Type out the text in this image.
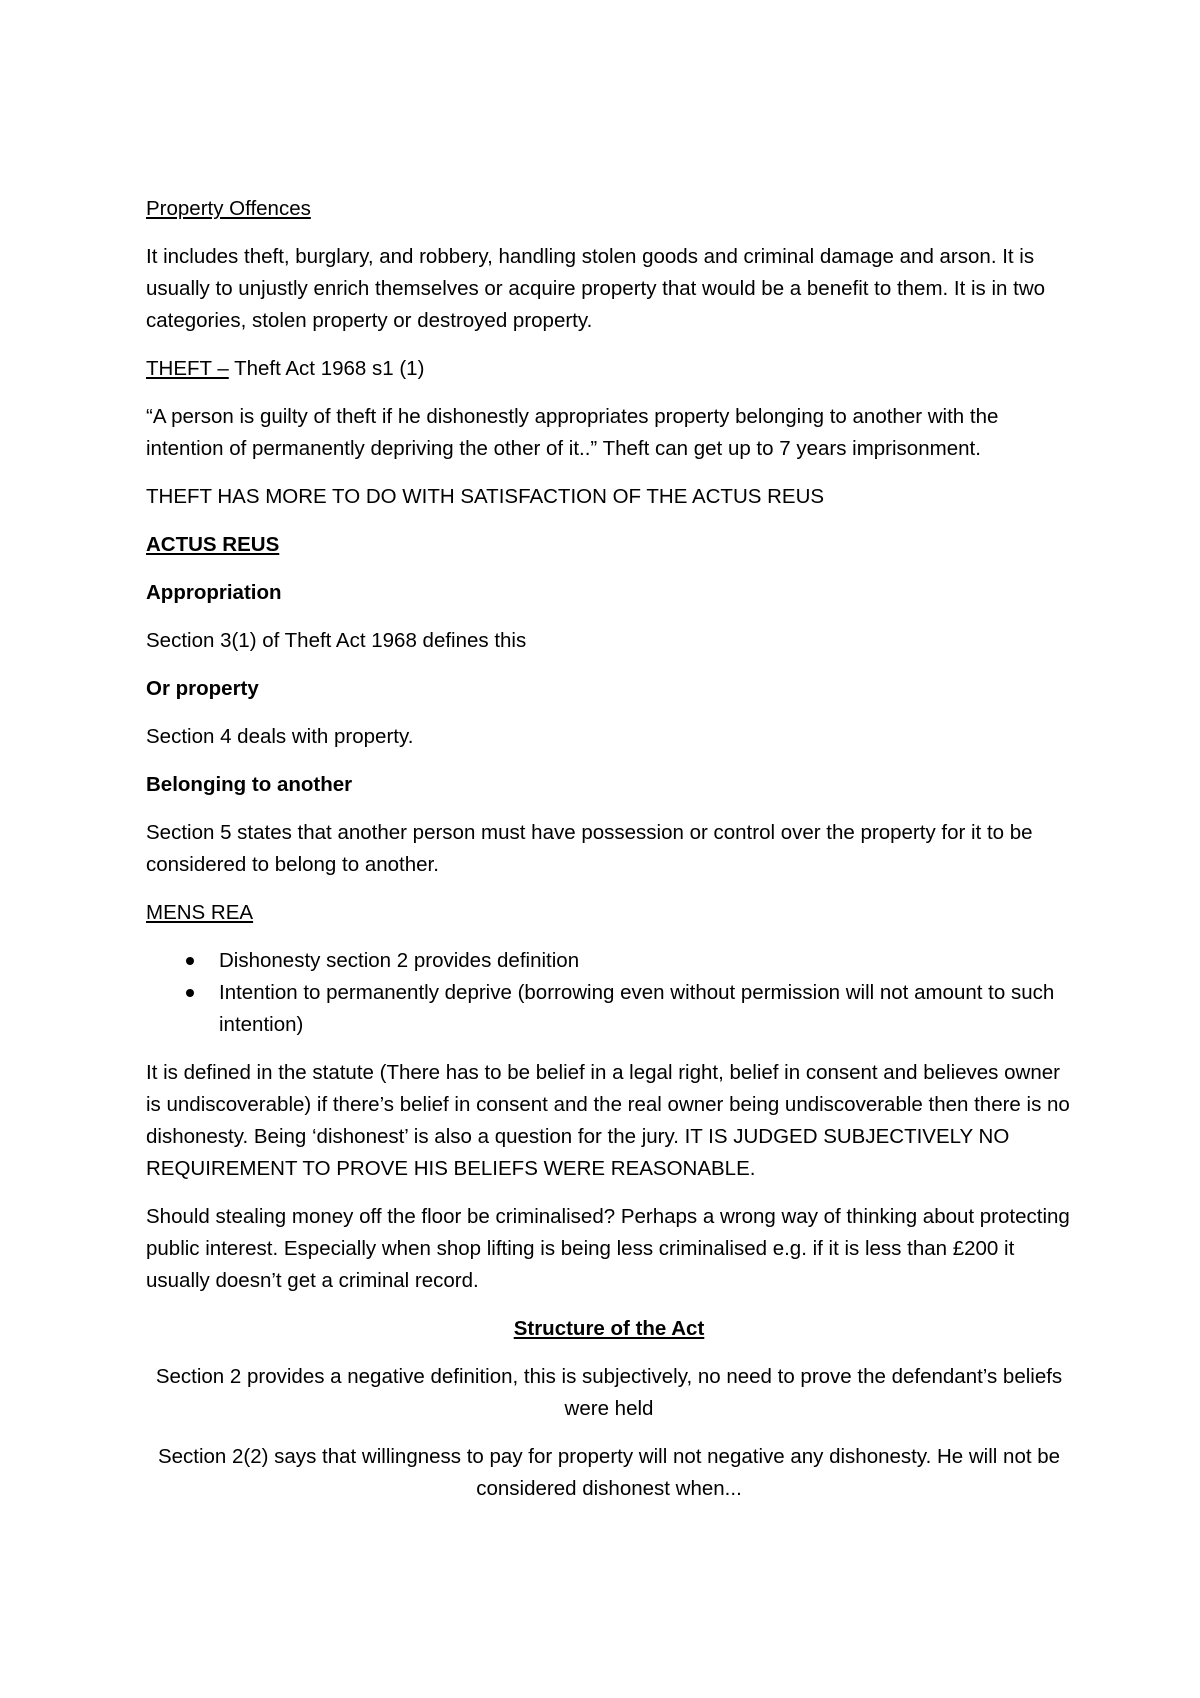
Property Offences

It includes theft, burglary, and robbery, handling stolen goods and criminal damage and arson. It is usually to unjustly enrich themselves or acquire property that would be a benefit to them. It is in two categories, stolen property or destroyed property.

THEFT – Theft Act 1968 s1 (1)

“A person is guilty of theft if he dishonestly appropriates property belonging to another with the intention of permanently depriving the other of it..” Theft can get up to 7 years imprisonment.

THEFT HAS MORE TO DO WITH SATISFACTION OF THE ACTUS REUS

ACTUS REUS

Appropriation

Section 3(1) of Theft Act 1968 defines this

Or property

Section 4 deals with property.

Belonging to another

Section 5 states that another person must have possession or control over the property for it to be considered to belong to another.

MENS REA

Dishonesty section 2 provides definition
Intention to permanently deprive (borrowing even without permission will not amount to such intention)

It is defined in the statute (There has to be belief in a legal right, belief in consent and believes owner is undiscoverable) if there’s belief in consent and the real owner being undiscoverable then there is no dishonesty. Being ‘dishonest’ is also a question for the jury. IT IS JUDGED SUBJECTIVELY NO REQUIREMENT TO PROVE HIS BELIEFS WERE REASONABLE.

Should stealing money off the floor be criminalised? Perhaps a wrong way of thinking about protecting public interest. Especially when shop lifting is being less criminalised e.g. if it is less than £200 it usually doesn’t get a criminal record.

Structure of the Act

Section 2 provides a negative definition, this is subjectively, no need to prove the defendant’s beliefs were held

Section 2(2) says that willingness to pay for property will not negative any dishonesty. He will not be considered dishonest when...
